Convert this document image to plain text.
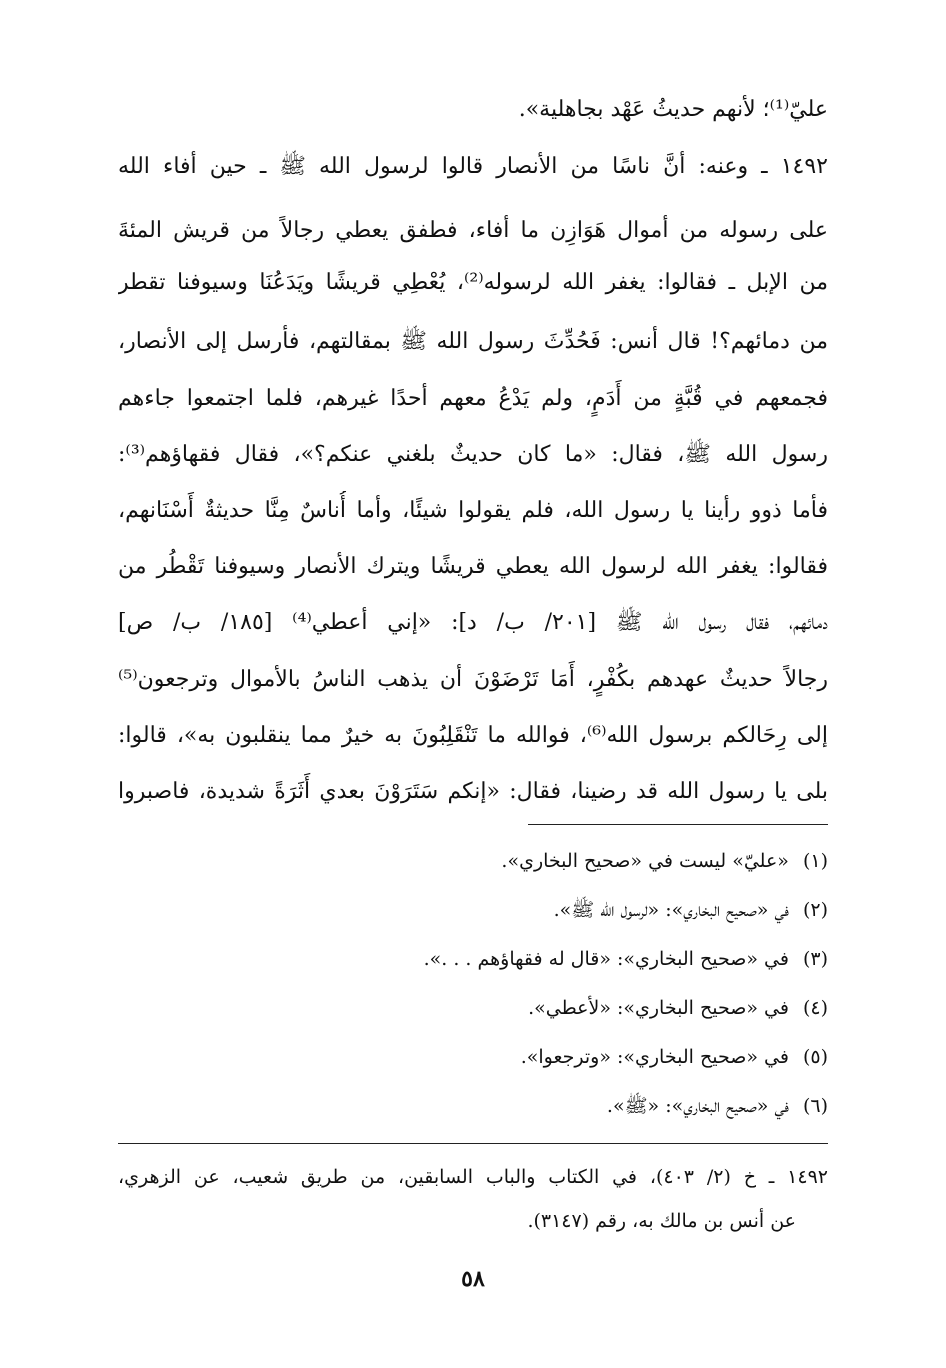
عليّ⁽¹⁾؛ لأنهم حديثُ عَهْد بجاهلية».
١٤٩٢ ـ وعنه: أنَّ ناسًا من الأنصار قالوا لرسول الله ﷺ ـ حين أفاء الله
على رسوله من أموال هَوَازِن ما أفاء، فطفق يعطي رجالاً من قريش المئةَ
من الإبل ـ فقالوا: يغفر الله لرسوله⁽²⁾، يُعْطِي قريشًا ويَدَعُنَا وسيوفنا تقطر
من دمائهم؟! قال أنس: فَحُدِّثَ رسول الله ﷺ بمقالتهم، فأرسل إلى الأنصار،
فجمعهم في قُبَّةٍ من أَدَمٍ، ولم يَدْعُ معهم أحدًا غيرهم، فلما اجتمعوا جاءهم
رسول الله ﷺ، فقال: «ما كان حديثٌ بلغني عنكم؟»، فقال فقهاؤهم⁽³⁾:
فأما ذوو رأينا يا رسول الله، فلم يقولوا شيئًا، وأما أُناسٌ مِنَّا حديثةٌ أَسْنَانهم،
فقالوا: يغفر الله لرسول الله يعطي قريشًا ويترك الأنصار وسيوفنا تَقْطُر من
دمائهم، فقال رسول الله ﷺ [٢٠١/ ب/ د]: «إني أعطي⁽⁴⁾ [١٨٥/ ب/ ص]
رجالاً حديثٌ عهدهم بكُفْرٍ، أَمَا تَرْضَوْنَ أن يذهب الناسُ بالأموال وترجعون⁽⁵⁾
إلى رِحَالكم برسول الله⁽⁶⁾، فوالله ما تَنْقَلِبُونَ به خيرٌ مما ينقلبون به»، قالوا:
بلى يا رسول الله قد رضينا، فقال: «إنكم سَتَرَوْنَ بعدي أَثَرَةً شديدة، فاصبروا
(١)«عليّ» ليست في «صحيح البخاري».
(٢)في «صحيح البخاري»: «لرسول الله ﷺ».
(٣)في «صحيح البخاري»: «قال له فقهاؤهم . . .».
(٤)في «صحيح البخاري»: «لأعطي».
(٥)في «صحيح البخاري»: «وترجعوا».
(٦)في «صحيح البخاري»: «ﷺ».
١٤٩٢ ـ خ (٢/ ٤٠٣)، في الكتاب والباب السابقين، من طريق شعيب، عن الزهري،
عن أنس بن مالك به، رقم (٣١٤٧).
٥٨
